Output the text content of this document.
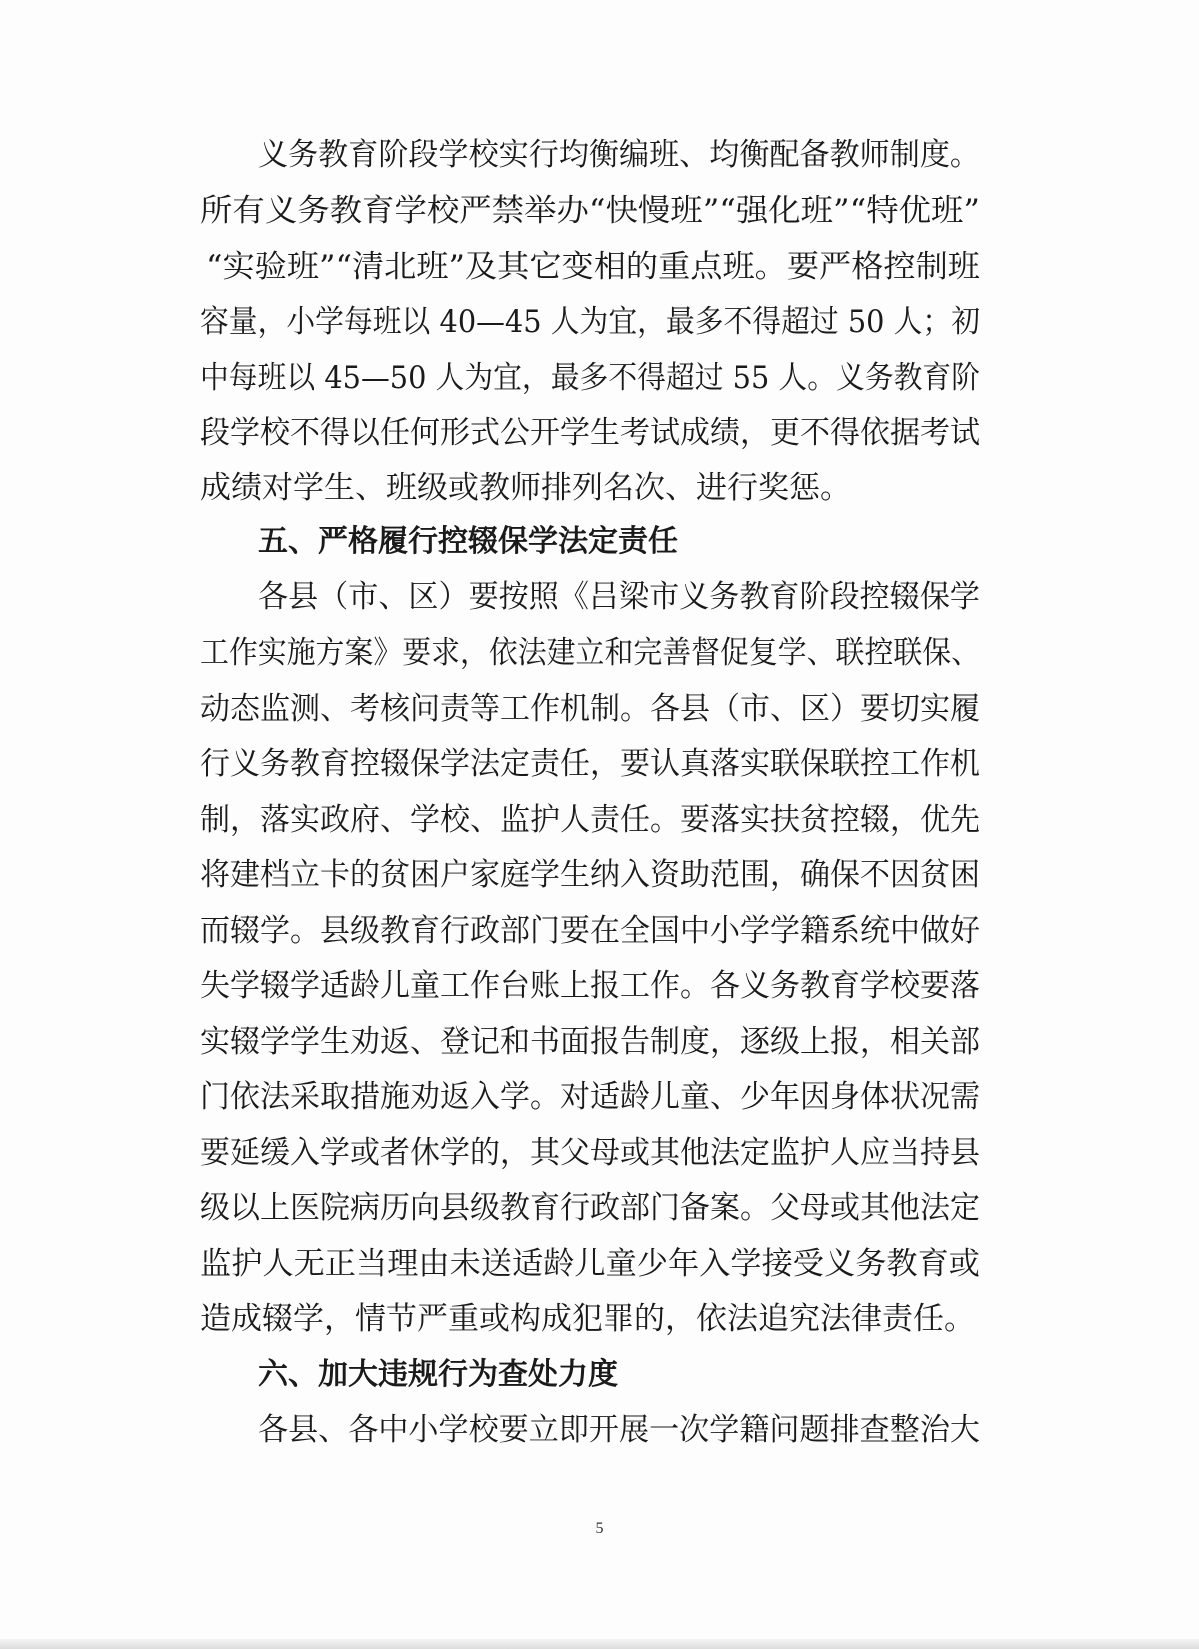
义务教育阶段学校实行均衡编班、均衡配备教师制度。
所有义务教育学校严禁举办“快慢班”“强化班”“特优班”
“实验班”“清北班”及其它变相的重点班。要严格控制班
容量，小学每班以 40—45 人为宜，最多不得超过 50 人；初
中每班以 45—50 人为宜，最多不得超过 55 人。义务教育阶
段学校不得以任何形式公开学生考试成绩，更不得依据考试
成绩对学生、班级或教师排列名次、进行奖惩。
五、严格履行控辍保学法定责任
各县（市、区）要按照《吕梁市义务教育阶段控辍保学
工作实施方案》要求，依法建立和完善督促复学、联控联保、
动态监测、考核问责等工作机制。各县（市、区）要切实履
行义务教育控辍保学法定责任，要认真落实联保联控工作机
制，落实政府、学校、监护人责任。要落实扶贫控辍，优先
将建档立卡的贫困户家庭学生纳入资助范围，确保不因贫困
而辍学。县级教育行政部门要在全国中小学学籍系统中做好
失学辍学适龄儿童工作台账上报工作。各义务教育学校要落
实辍学学生劝返、登记和书面报告制度，逐级上报，相关部
门依法采取措施劝返入学。对适龄儿童、少年因身体状况需
要延缓入学或者休学的，其父母或其他法定监护人应当持县
级以上医院病历向县级教育行政部门备案。父母或其他法定
监护人无正当理由未送适龄儿童少年入学接受义务教育或
造成辍学，情节严重或构成犯罪的，依法追究法律责任。
六、加大违规行为查处力度
各县、各中小学校要立即开展一次学籍问题排查整治大
5
